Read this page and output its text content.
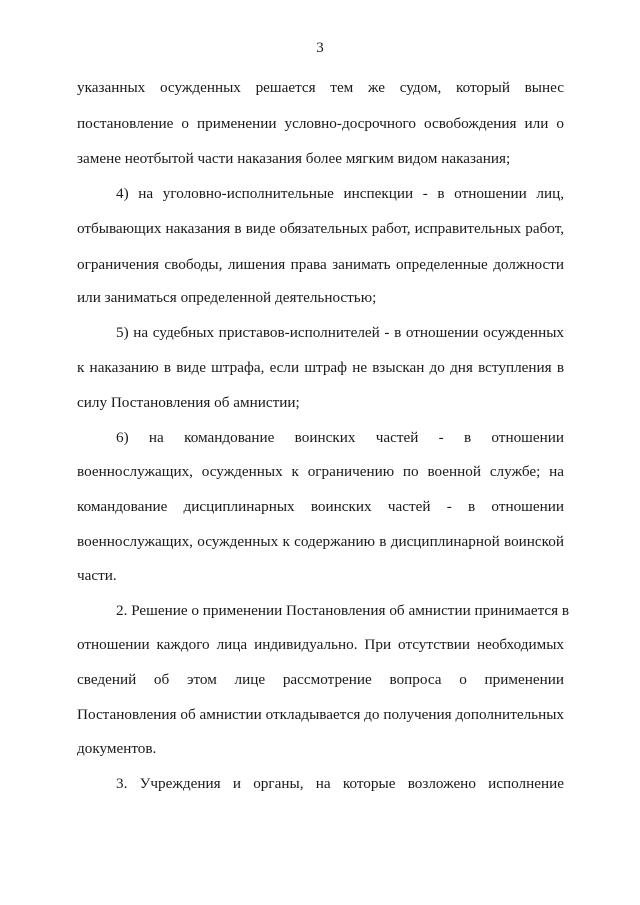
3
указанных осужденных решается тем же судом, который вынес
постановление о применении условно-досрочного освобождения или о
замене неотбытой части наказания более мягким видом наказания;
4) на уголовно-исполнительные инспекции - в отношении лиц,
отбывающих наказания в виде обязательных работ, исправительных работ,
ограничения свободы, лишения права занимать определенные должности
или заниматься определенной деятельностью;
5) на судебных приставов-исполнителей - в отношении осужденных
к наказанию в виде штрафа, если штраф не взыскан до дня вступления в
силу Постановления об амнистии;
6) на командование воинских частей - в отношении
военнослужащих, осужденных к ограничению по военной службе; на
командование дисциплинарных воинских частей - в отношении
военнослужащих, осужденных к содержанию в дисциплинарной воинской
части.
2. Решение о применении Постановления об амнистии принимается в
отношении каждого лица индивидуально. При отсутствии необходимых
сведений об этом лице рассмотрение вопроса о применении
Постановления об амнистии откладывается до получения дополнительных
документов.
3. Учреждения и органы, на которые возложено исполнение
